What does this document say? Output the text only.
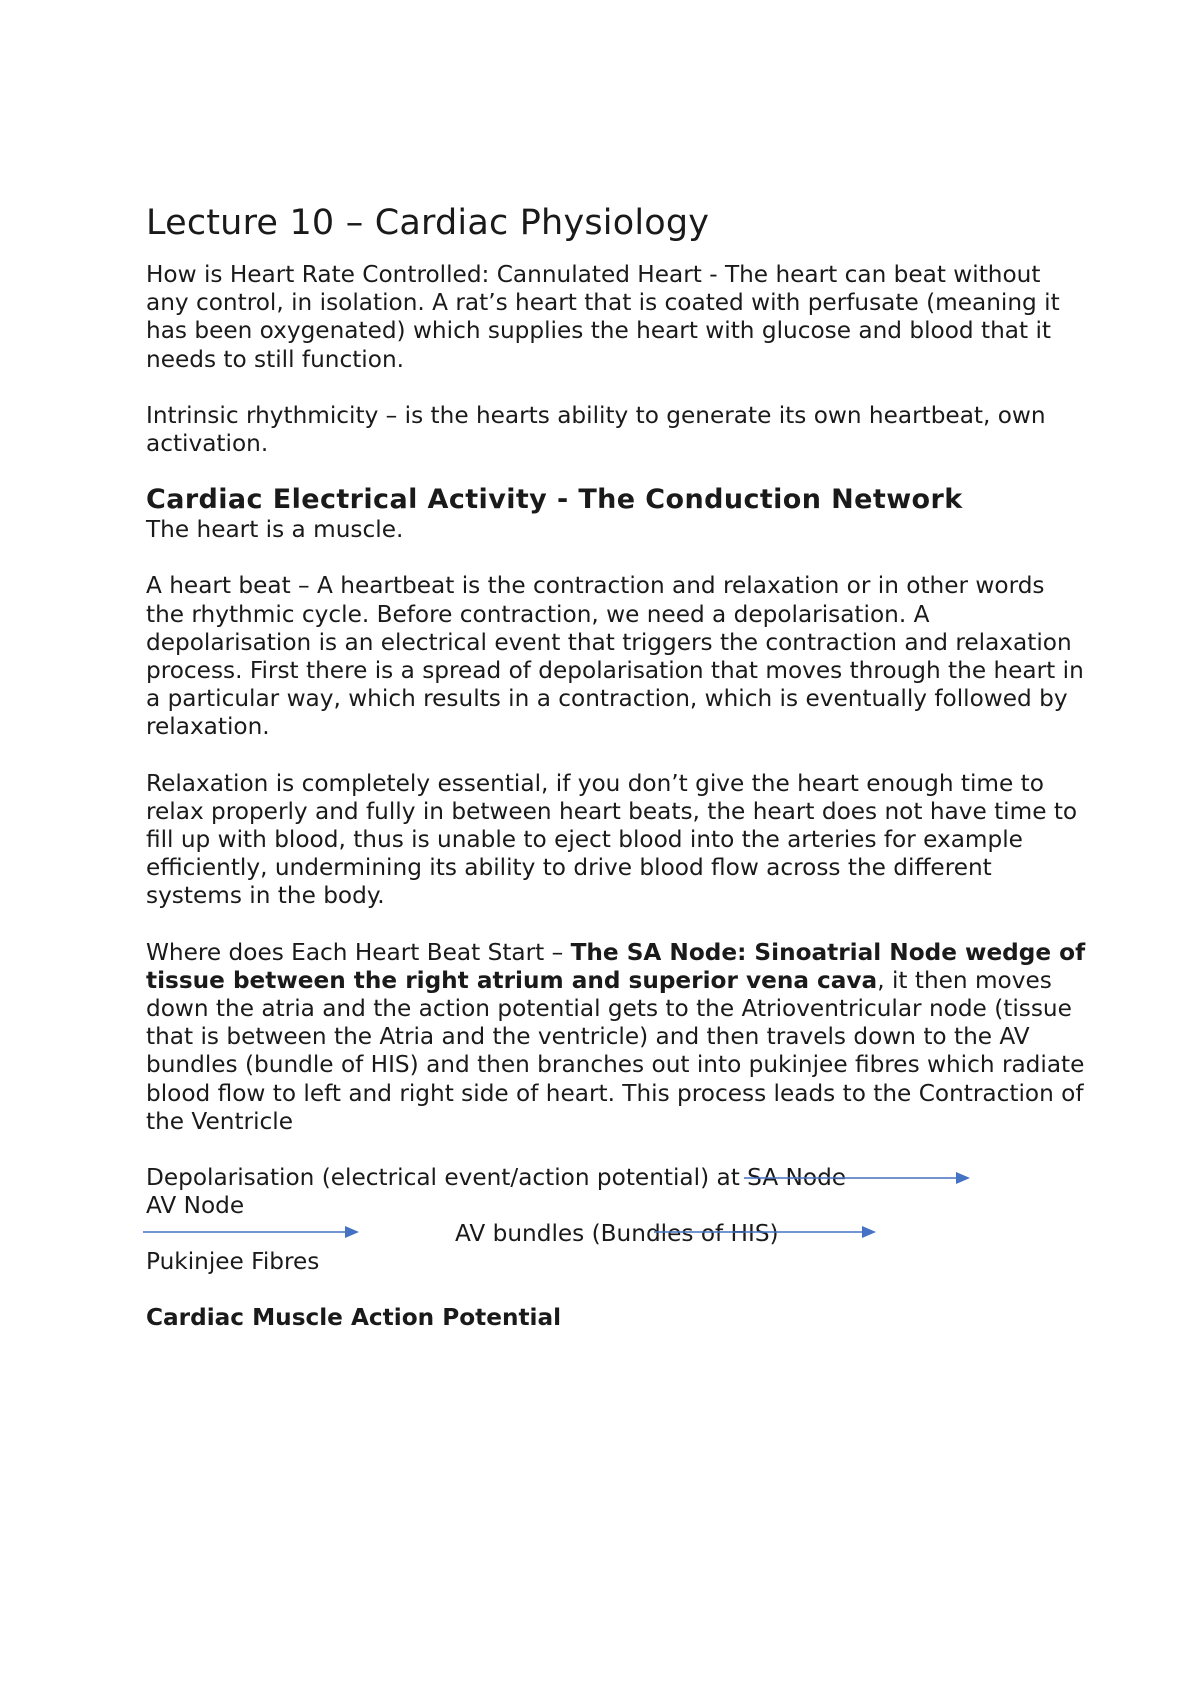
Lecture 10 – Cardiac Physiology

How is Heart Rate Controlled: Cannulated Heart - The heart can beat without any control, in isolation. A rat’s heart that is coated with perfusate (meaning it has been oxygenated) which supplies the heart with glucose and blood that it needs to still function.

Intrinsic rhythmicity – is the hearts ability to generate its own heartbeat, own activation.

Cardiac Electrical Activity - The Conduction Network

The heart is a muscle.

A heart beat – A heartbeat is the contraction and relaxation or in other words the rhythmic cycle. Before contraction, we need a depolarisation. A depolarisation is an electrical event that triggers the contraction and relaxation process. First there is a spread of depolarisation that moves through the heart in a particular way, which results in a contraction, which is eventually followed by relaxation.

Relaxation is completely essential, if you don’t give the heart enough time to relax properly and fully in between heart beats, the heart does not have time to fill up with blood, thus is unable to eject blood into the arteries for example efficiently, undermining its ability to drive blood flow across the different systems in the body.

Where does Each Heart Beat Start – The SA Node: Sinoatrial Node wedge of tissue between the right atrium and superior vena cava, it then moves down the atria and the action potential gets to the Atrioventricular node (tissue that is between the Atria and the ventricle) and then travels down to the AV bundles (bundle of HIS) and then branches out into pukinjee fibres which radiate blood flow to left and right side of heart. This process leads to the Contraction of the Ventricle

Depolarisation (electrical event/action potential) at SA Node
AV Node
AV bundles (Bundles of HIS)
Pukinjee Fibres

Cardiac Muscle Action Potential
